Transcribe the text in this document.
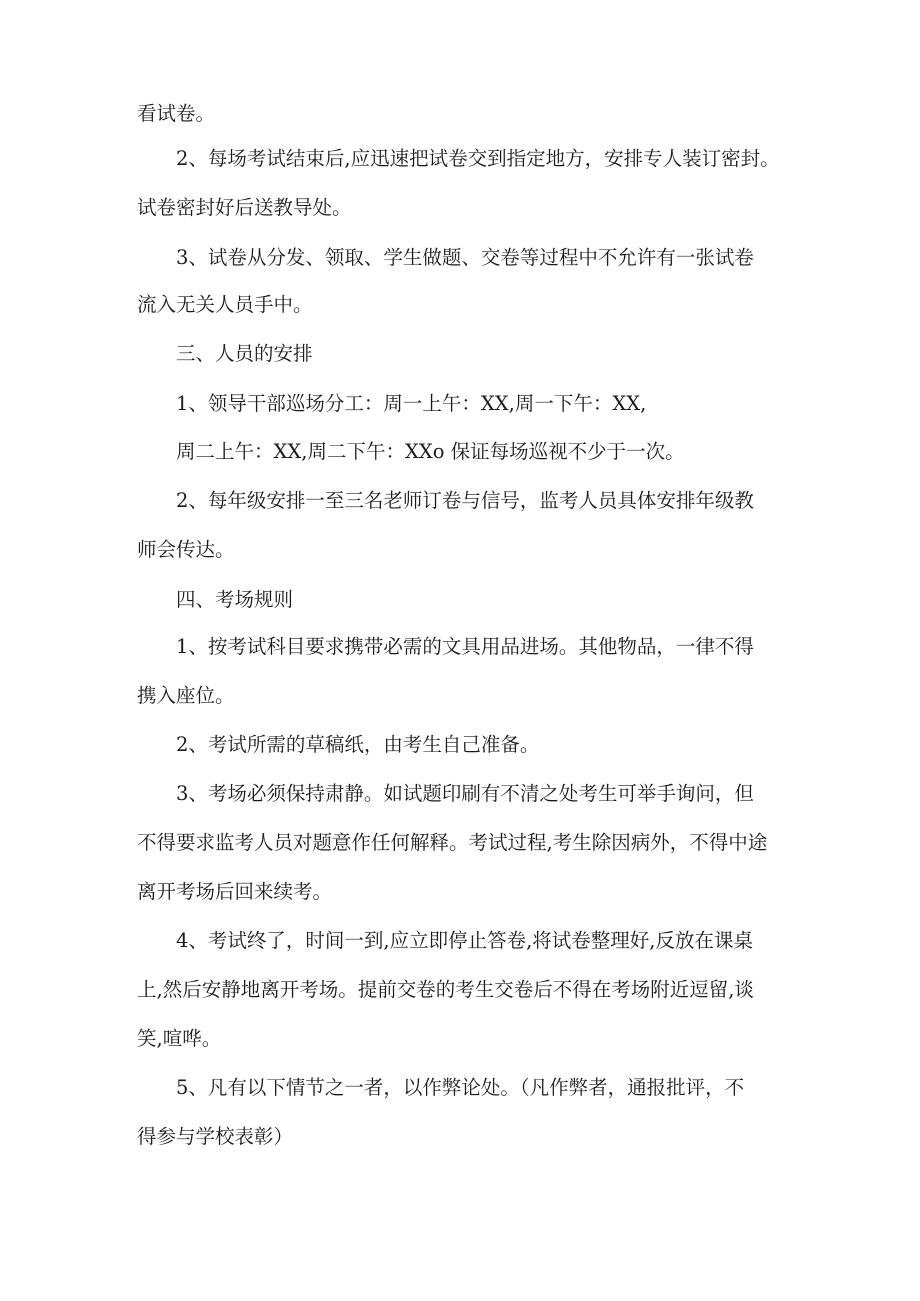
看试卷。
2、每场考试结束后,应迅速把试卷交到指定地方，安排专人装订密封。
试卷密封好后送教导处。
3、试卷从分发、领取、学生做题、交卷等过程中不允许有一张试卷
流入无关人员手中。
三、人员的安排
1、领导干部巡场分工：周一上午：XX,周一下午：XX,
周二上午：XX,周二下午：XXo 保证每场巡视不少于一次。
2、每年级安排一至三名老师订卷与信号，监考人员具体安排年级教
师会传达。
四、考场规则
1、按考试科目要求携带必需的文具用品进场。其他物品，一律不得
携入座位。
2、考试所需的草稿纸，由考生自己准备。
3、考场必须保持肃静。如试题印刷有不清之处考生可举手询问，但
不得要求监考人员对题意作任何解释。考试过程,考生除因病外，不得中途
离开考场后回来续考。
4、考试终了，时间一到,应立即停止答卷,将试卷整理好,反放在课桌
上,然后安静地离开考场。提前交卷的考生交卷后不得在考场附近逗留,谈
笑,喧哗。
5、凡有以下情节之一者，以作弊论处。（凡作弊者，通报批评，不
得参与学校表彰）
